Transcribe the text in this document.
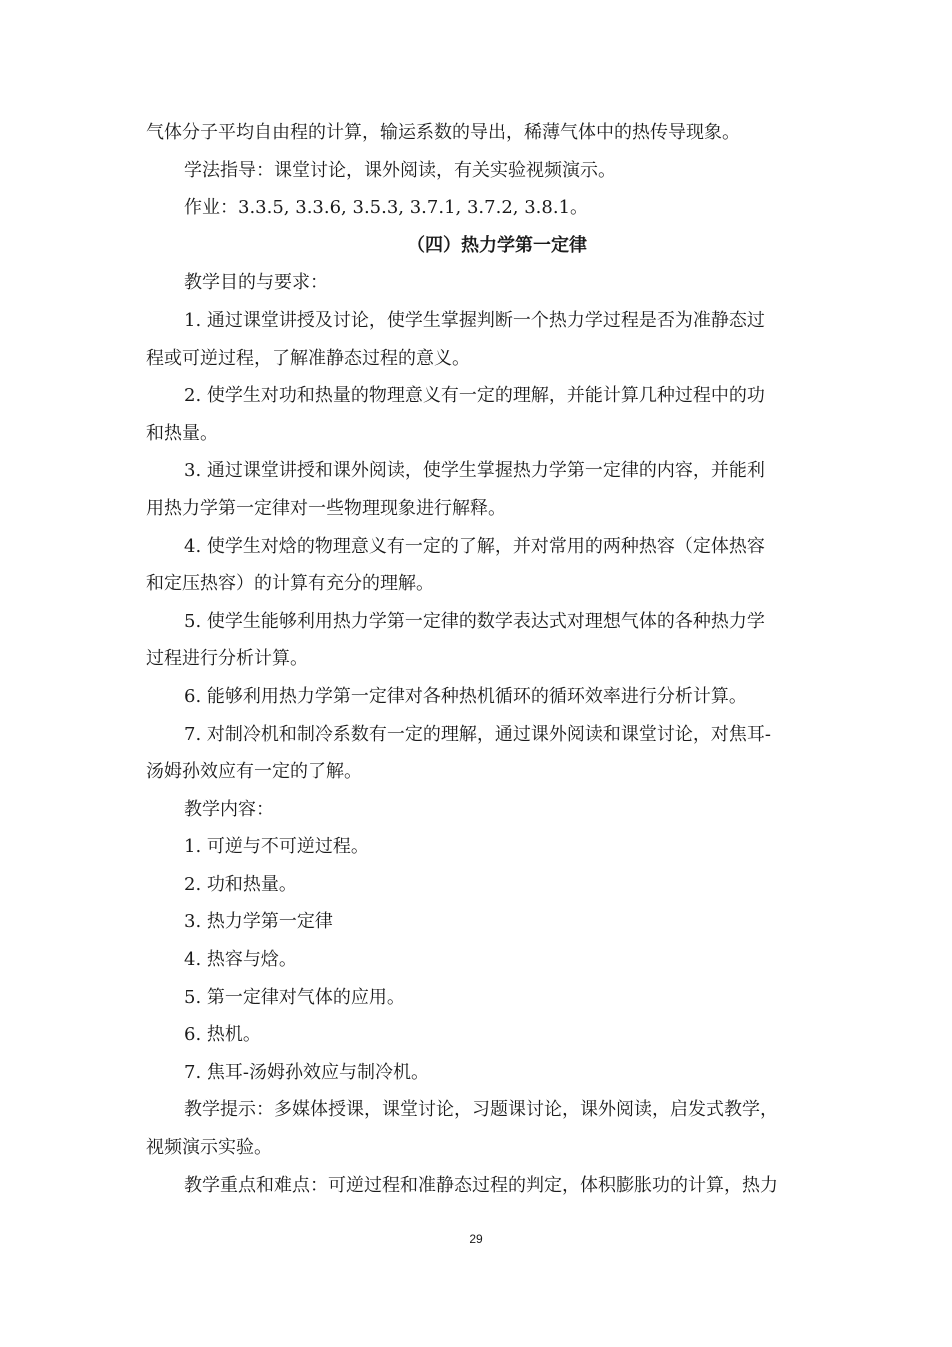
气体分子平均自由程的计算，输运系数的导出，稀薄气体中的热传导现象。
学法指导：课堂讨论，课外阅读，有关实验视频演示。
作业：3.3.5, 3.3.6, 3.5.3, 3.7.1, 3.7.2, 3.8.1。
（四）热力学第一定律
教学目的与要求：
1. 通过课堂讲授及讨论，使学生掌握判断一个热力学过程是否为准静态过
程或可逆过程，了解准静态过程的意义。
2. 使学生对功和热量的物理意义有一定的理解，并能计算几种过程中的功
和热量。
3. 通过课堂讲授和课外阅读，使学生掌握热力学第一定律的内容，并能利
用热力学第一定律对一些物理现象进行解释。
4. 使学生对焓的物理意义有一定的了解，并对常用的两种热容（定体热容
和定压热容）的计算有充分的理解。
5. 使学生能够利用热力学第一定律的数学表达式对理想气体的各种热力学
过程进行分析计算。
6. 能够利用热力学第一定律对各种热机循环的循环效率进行分析计算。
7. 对制冷机和制冷系数有一定的理解，通过课外阅读和课堂讨论，对焦耳-
汤姆孙效应有一定的了解。
教学内容：
1. 可逆与不可逆过程。
2. 功和热量。
3. 热力学第一定律
4. 热容与焓。
5. 第一定律对气体的应用。
6. 热机。
7. 焦耳-汤姆孙效应与制冷机。
教学提示：多媒体授课，课堂讨论，习题课讨论，课外阅读，启发式教学，
视频演示实验。
教学重点和难点：可逆过程和准静态过程的判定，体积膨胀功的计算，热力
29
